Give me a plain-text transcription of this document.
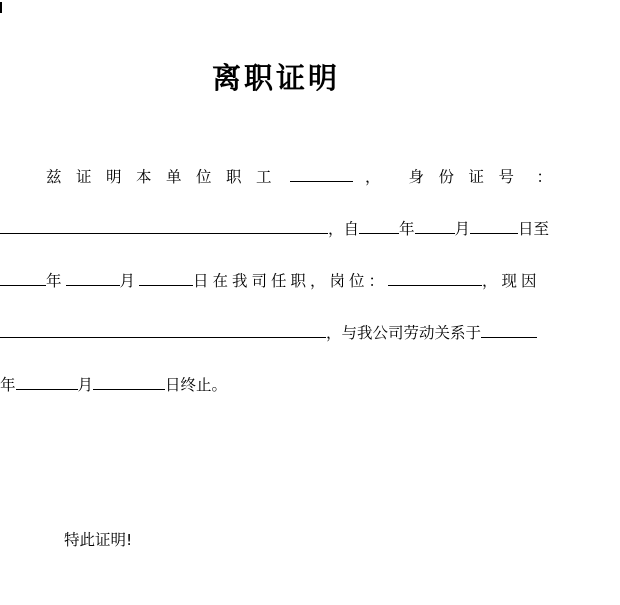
离职证明
兹证明本单位职工	， 身份证号 ：
，自	年	月	日至
年	月	日在我司任职，岗位：	，现因
，与我公司劳动关系于
年	月	日终止。
特此证明!
